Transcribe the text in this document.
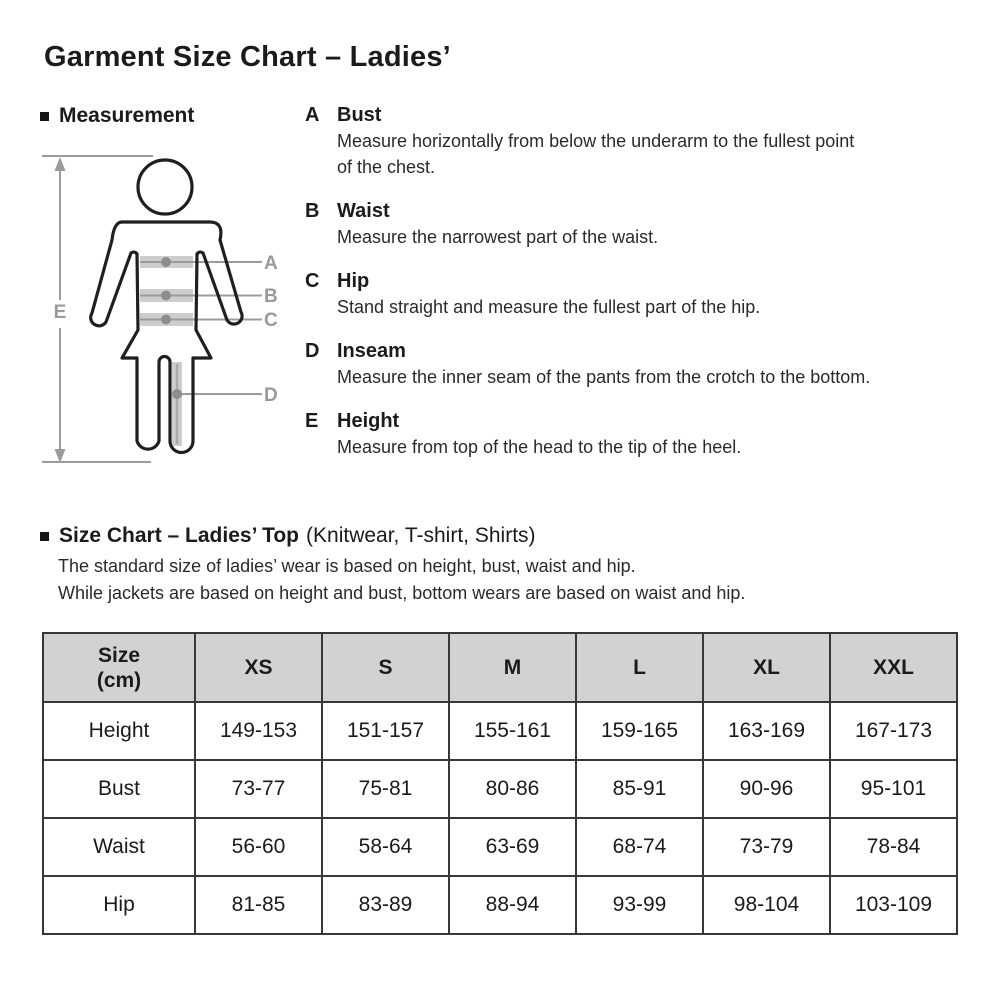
Garment Size Chart – Ladies’
Measurement
A
B
C
D
E
A Bust
Measure horizontally from below the underarm to the fullest point
of the chest.
B Waist
Measure the narrowest part of the waist.
C Hip
Stand straight and measure the fullest part of the hip.
D Inseam
Measure the inner seam of the pants from the crotch to the bottom.
E Height
Measure from top of the head to the tip of the heel.
Size Chart – Ladies’ Top (Knitwear, T-shirt, Shirts)
The standard size of ladies’ wear is based on height, bust, waist and hip.
While jackets are based on height and bust, bottom wears are based on waist and hip.
Size
(cm)	XS	S	M	L	XL	XXL
Height	149-153	151-157	155-161	159-165	163-169	167-173
Bust	73-77	75-81	80-86	85-91	90-96	95-101
Waist	56-60	58-64	63-69	68-74	73-79	78-84
Hip	81-85	83-89	88-94	93-99	98-104	103-109
